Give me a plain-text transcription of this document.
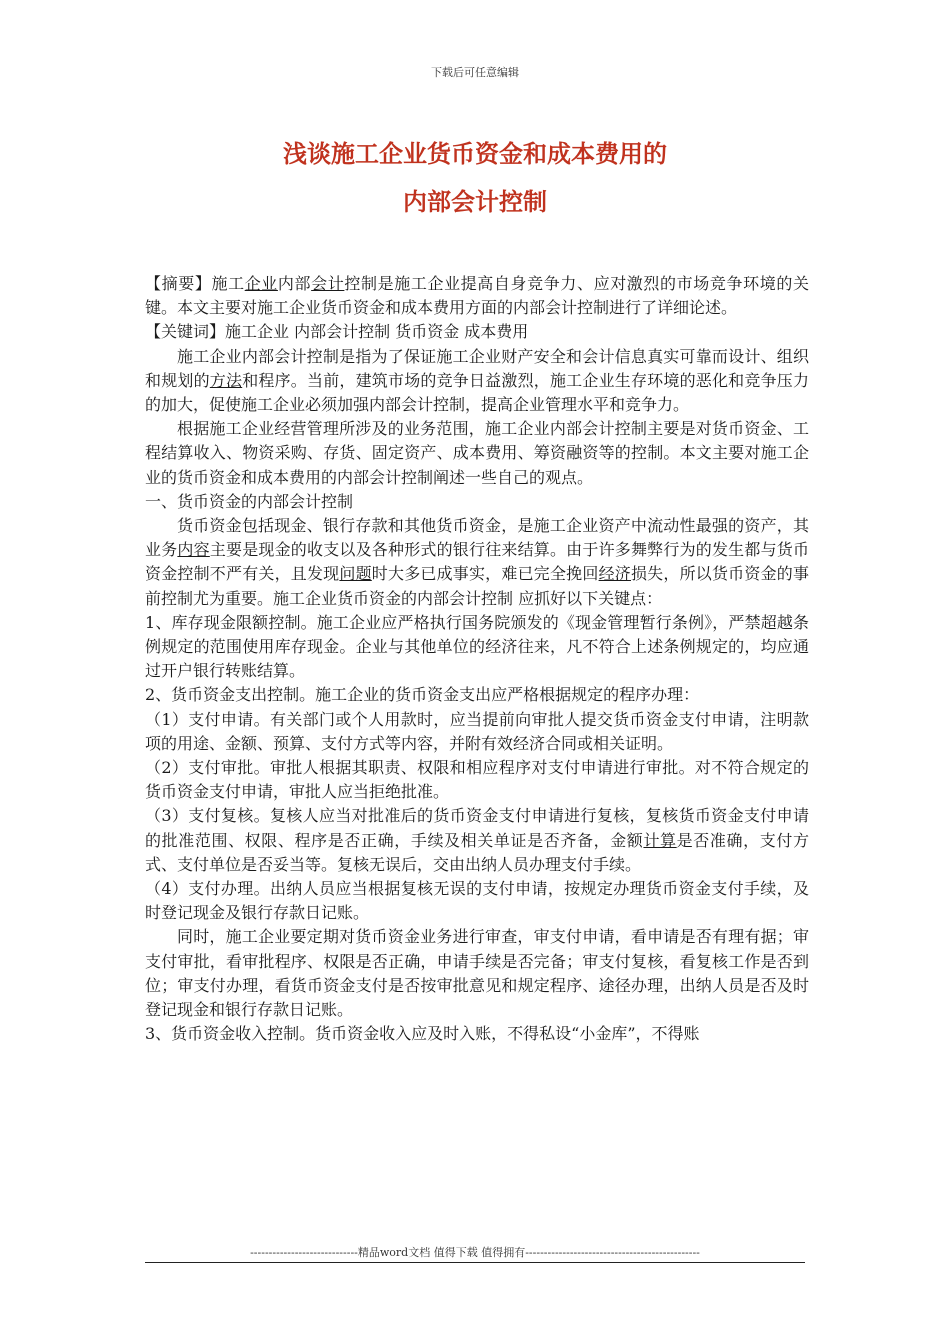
下载后可任意编辑
浅谈施工企业货币资金和成本费用的
内部会计控制

【摘要】施工企业内部会计控制是施工企业提高自身竞争力、应对激烈的市场竞争环境的关键。本文主要对施工企业货币资金和成本费用方面的内部会计控制进行了详细论述。

【关键词】施工企业 内部会计控制 货币资金 成本费用

施工企业内部会计控制是指为了保证施工企业财产安全和会计信息真实可靠而设计、组织和规划的方法和程序。当前，建筑市场的竞争日益激烈，施工企业生存环境的恶化和竞争压力的加大，促使施工企业必须加强内部会计控制，提高企业管理水平和竞争力。

根据施工企业经营管理所涉及的业务范围，施工企业内部会计控制主要是对货币资金、工程结算收入、物资采购、存货、固定资产、成本费用、筹资融资等的控制。本文主要对施工企业的货币资金和成本费用的内部会计控制阐述一些自己的观点。

一、货币资金的内部会计控制

货币资金包括现金、银行存款和其他货币资金，是施工企业资产中流动性最强的资产，其业务内容主要是现金的收支以及各种形式的银行往来结算。由于许多舞弊行为的发生都与货币资金控制不严有关，且发现问题时大多已成事实，难已完全挽回经济损失，所以货币资金的事前控制尤为重要。施工企业货币资金的内部会计控制 应抓好以下关键点：

1、库存现金限额控制。施工企业应严格执行国务院颁发的《现金管理暂行条例》，严禁超越条例规定的范围使用库存现金。企业与其他单位的经济往来，凡不符合上述条例规定的，均应通过开户银行转账结算。

2、货币资金支出控制。施工企业的货币资金支出应严格根据规定的程序办理：

（1）支付申请。有关部门或个人用款时，应当提前向审批人提交货币资金支付申请，注明款项的用途、金额、预算、支付方式等内容，并附有效经济合同或相关证明。

（2）支付审批。审批人根据其职责、权限和相应程序对支付申请进行审批。对不符合规定的货币资金支付申请，审批人应当拒绝批准。

（3）支付复核。复核人应当对批准后的货币资金支付申请进行复核，复核货币资金支付申请的批准范围、权限、程序是否正确，手续及相关单证是否齐备，金额计算是否准确，支付方式、支付单位是否妥当等。复核无误后，交由出纳人员办理支付手续。

（4）支付办理。出纳人员应当根据复核无误的支付申请，按规定办理货币资金支付手续，及时登记现金及银行存款日记账。

同时，施工企业要定期对货币资金业务进行审查，审支付申请，看申请是否有理有据；审支付审批，看审批程序、权限是否正确，申请手续是否完备；审支付复核，看复核工作是否到位；审支付办理，看货币资金支付是否按审批意见和规定程序、途径办理，出纳人员是否及时登记现金和银行存款日记账。

3、货币资金收入控制。货币资金收入应及时入账，不得私设“小金库”，不得账

-----------------------------精品word文档 值得下载 值得拥有-----------------------------------------------
